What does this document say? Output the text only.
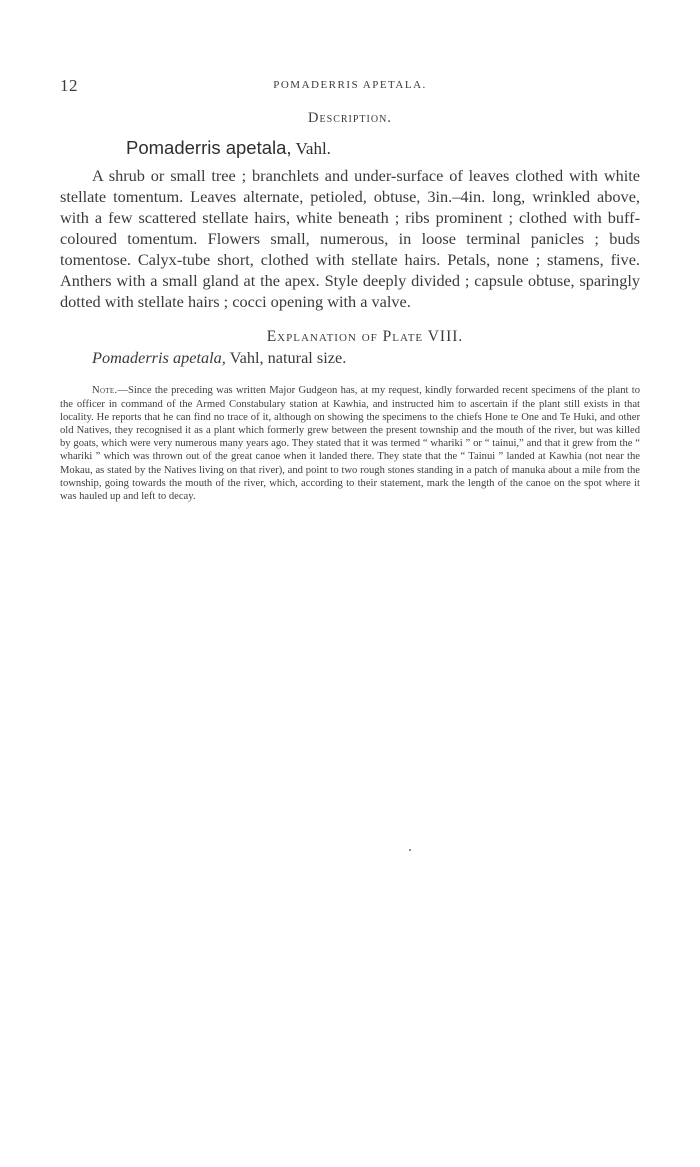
12	POMADERRIS APETALA.
Description.
Pomaderris apetala, Vahl.

A shrub or small tree ; branchlets and under-surface of leaves clothed with white stellate tomentum. Leaves alternate, petioled, obtuse, 3in.–4in. long, wrinkled above, with a few scattered stellate hairs, white beneath ; ribs prominent ; clothed with buff-coloured tomentum. Flowers small, numerous, in loose terminal panicles ; buds tomentose. Calyx-tube short, clothed with stellate hairs. Petals, none ; stamens, five. Anthers with a small gland at the apex. Style deeply divided ; capsule obtuse, sparingly dotted with stellate hairs ; cocci opening with a valve.

Explanation of Plate VIII.
Pomaderris apetala, Vahl, natural size.

Note.—Since the preceding was written Major Gudgeon has, at my request, kindly forwarded recent specimens of the plant to the officer in command of the Armed Constabulary station at Kawhia, and instructed him to ascertain if the plant still exists in that locality. He reports that he can find no trace of it, although on showing the specimens to the chiefs Hone te One and Te Huki, and other old Natives, they recognised it as a plant which formerly grew between the present township and the mouth of the river, but was killed by goats, which were very numerous many years ago. They stated that it was termed “ whariki ” or “ tainui,” and that it grew from the “ whariki ” which was thrown out of the great canoe when it landed there. They state that the “ Tainui ” landed at Kawhia (not near the Mokau, as stated by the Natives living on that river), and point to two rough stones standing in a patch of manuka about a mile from the township, going towards the mouth of the river, which, according to their statement, mark the length of the canoe on the spot where it was hauled up and left to decay.
